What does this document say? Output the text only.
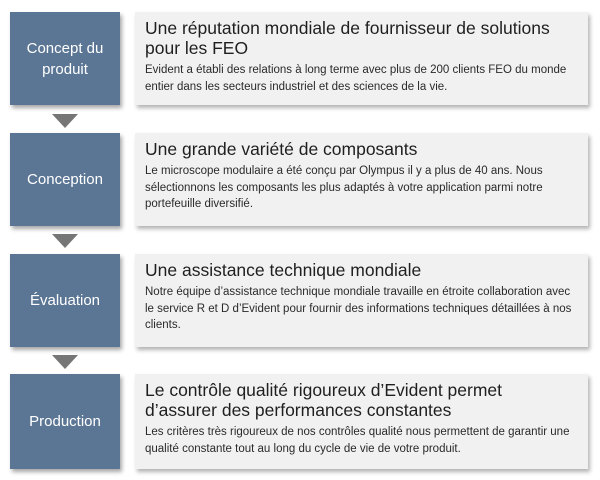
Concept du produit
Une réputation mondiale de fournisseur de solutions pour les FEO
Evident a établi des relations à long terme avec plus de 200 clients FEO du monde entier dans les secteurs industriel et des sciences de la vie.
Conception
Une grande variété de composants
Le microscope modulaire a été conçu par Olympus il y a plus de 40 ans. Nous sélectionnons les composants les plus adaptés à votre application parmi notre portefeuille diversifié.
Évaluation
Une assistance technique mondiale
Notre équipe d’assistance technique mondiale travaille en étroite collaboration avec le service R et D d’Evident pour fournir des informations techniques détaillées à nos clients.
Production
Le contrôle qualité rigoureux d’Evident permet d’assurer des performances constantes
Les critères très rigoureux de nos contrôles qualité nous permettent de garantir une qualité constante tout au long du cycle de vie de votre produit.
